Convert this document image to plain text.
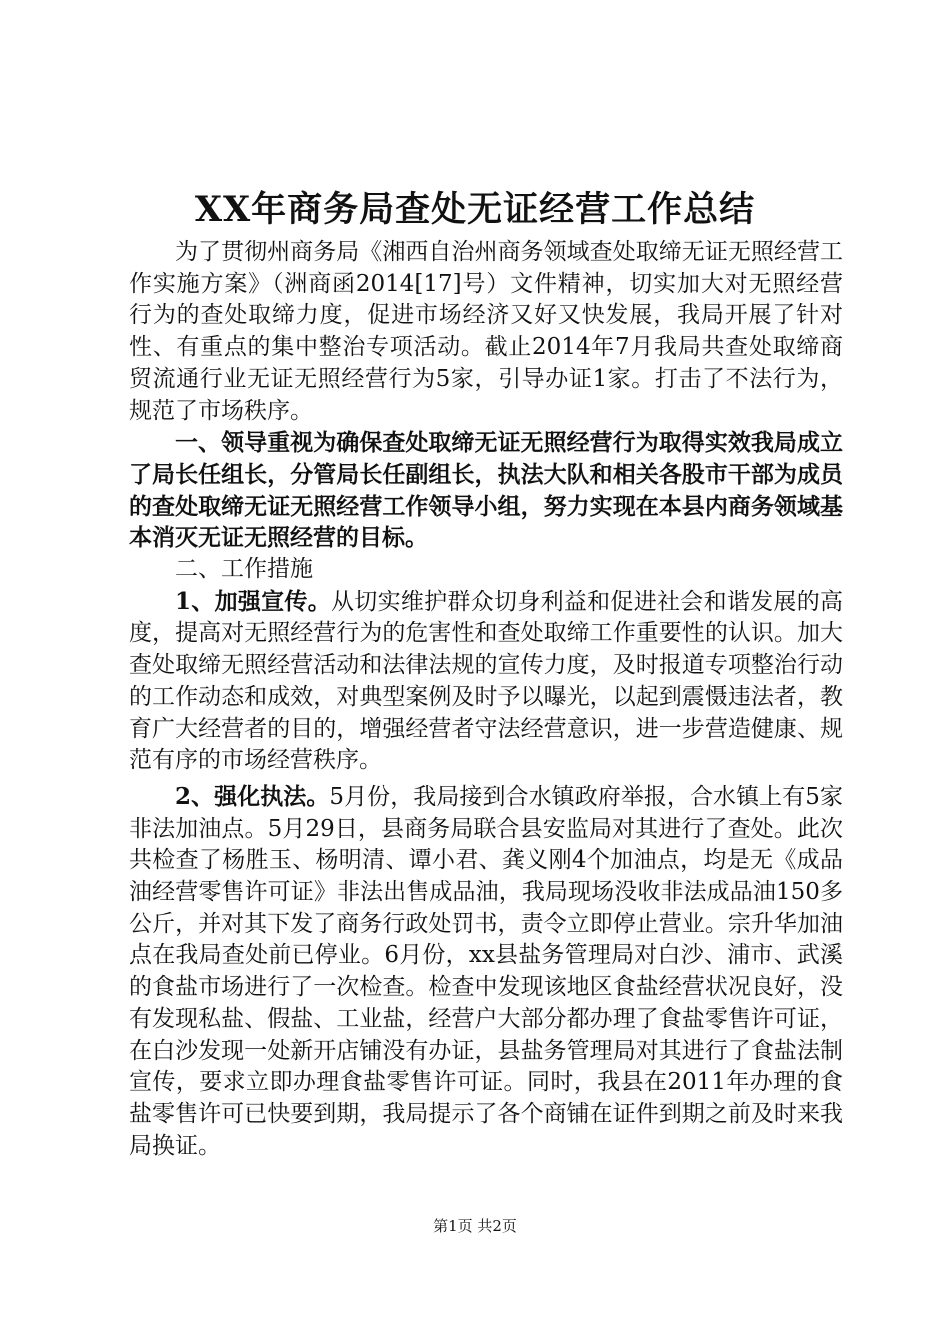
XX年商务局查处无证经营工作总结

为了贯彻州商务局《湘西自治州商务领域查处取缔无证无照经营工作实施方案》（洲商函2014[17]号）文件精神，切实加大对无照经营行为的查处取缔力度，促进市场经济又好又快发展，我局开展了针对性、有重点的集中整治专项活动。截止2014年7月我局共查处取缔商贸流通行业无证无照经营行为5家，引导办证1家。打击了不法行为，规范了市场秩序。

一、领导重视为确保查处取缔无证无照经营行为取得实效我局成立了局长任组长，分管局长任副组长，执法大队和相关各股市干部为成员的查处取缔无证无照经营工作领导小组，努力实现在本县内商务领域基本消灭无证无照经营的目标。

二、工作措施

1、加强宣传。从切实维护群众切身利益和促进社会和谐发展的高度，提高对无照经营行为的危害性和查处取缔工作重要性的认识。加大查处取缔无照经营活动和法律法规的宣传力度，及时报道专项整治行动的工作动态和成效，对典型案例及时予以曝光，以起到震慑违法者，教育广大经营者的目的，增强经营者守法经营意识，进一步营造健康、规范有序的市场经营秩序。

2、强化执法。5月份，我局接到合水镇政府举报，合水镇上有5家非法加油点。5月29日，县商务局联合县安监局对其进行了查处。此次共检查了杨胜玉、杨明清、谭小君、龚义刚4个加油点，均是无《成品油经营零售许可证》非法出售成品油，我局现场没收非法成品油150多公斤，并对其下发了商务行政处罚书，责令立即停止营业。宗升华加油点在我局查处前已停业。6月份，xx县盐务管理局对白沙、浦市、武溪的食盐市场进行了一次检查。检查中发现该地区食盐经营状况良好，没有发现私盐、假盐、工业盐，经营户大部分都办理了食盐零售许可证，在白沙发现一处新开店铺没有办证，县盐务管理局对其进行了食盐法制宣传，要求立即办理食盐零售许可证。同时，我县在2011年办理的食盐零售许可已快要到期，我局提示了各个商铺在证件到期之前及时来我局换证。

第1页 共2页
